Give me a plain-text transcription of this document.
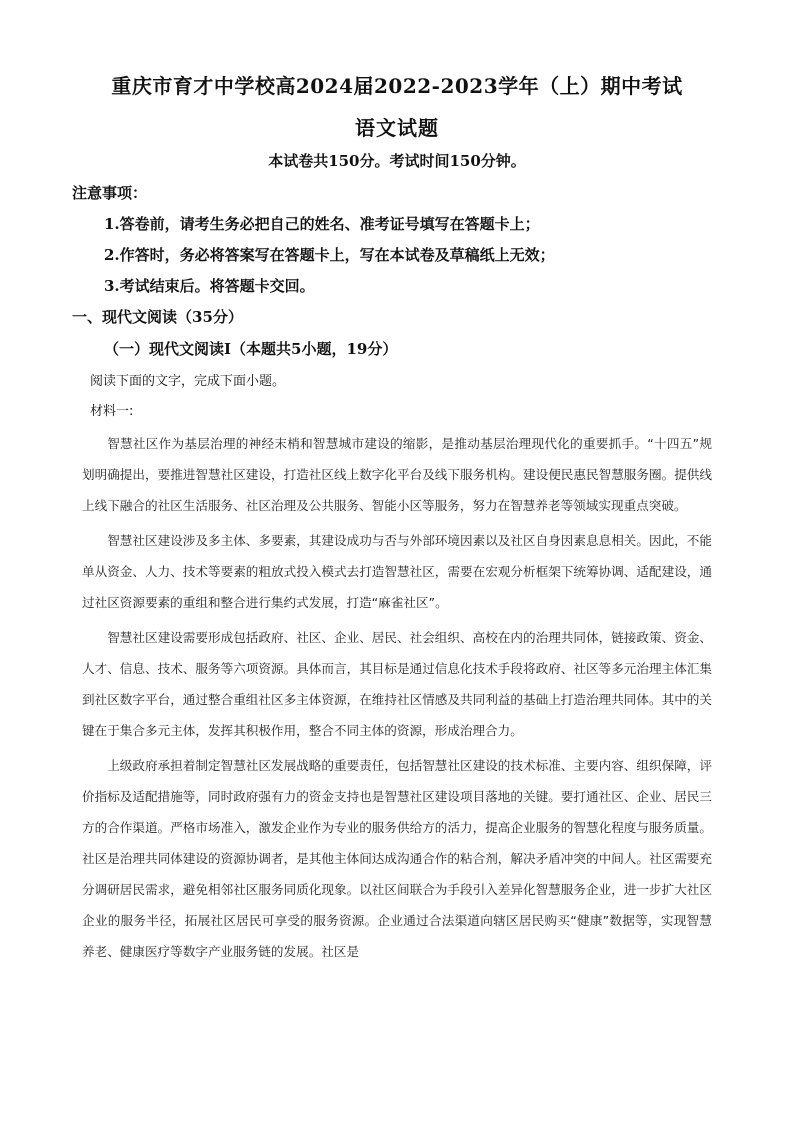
重庆市育才中学校高2024届2022-2023学年（上）期中考试
语文试题
本试卷共150分。考试时间150分钟。
注意事项：
1.答卷前，请考生务必把自己的姓名、准考证号填写在答题卡上；
2.作答时，务必将答案写在答题卡上，写在本试卷及草稿纸上无效；
3.考试结束后。将答题卡交回。
一、现代文阅读（35分）
（一）现代文阅读Ⅰ（本题共5小题，19分）
阅读下面的文字，完成下面小题。
材料一:

智慧社区作为基层治理的神经末梢和智慧城市建设的缩影，是推动基层治理现代化的重要抓手。“十四五”规划明确提出，要推进智慧社区建设，打造社区线上数字化平台及线下服务机构。建设便民惠民智慧服务圈。提供线上线下融合的社区生活服务、社区治理及公共服务、智能小区等服务，努力在智慧养老等领域实现重点突破。

智慧社区建设涉及多主体、多要素，其建设成功与否与外部环境因素以及社区自身因素息息相关。因此，不能单从资金、人力、技术等要素的粗放式投入模式去打造智慧社区，需要在宏观分析框架下统筹协调、适配建设，通过社区资源要素的重组和整合进行集约式发展，打造“麻雀社区”。

智慧社区建设需要形成包括政府、社区、企业、居民、社会组织、高校在内的治理共同体，链接政策、资金、人才、信息、技术、服务等六项资源。具体而言，其目标是通过信息化技术手段将政府、社区等多元治理主体汇集到社区数字平台，通过整合重组社区多主体资源，在维持社区情感及共同利益的基础上打造治理共同体。其中的关键在于集合多元主体，发挥其积极作用，整合不同主体的资源，形成治理合力。

上级政府承担着制定智慧社区发展战略的重要责任，包括智慧社区建设的技术标准、主要内容、组织保障，评价指标及适配措施等，同时政府强有力的资金支持也是智慧社区建设项目落地的关键。要打通社区、企业、居民三方的合作渠道。严格市场准入，激发企业作为专业的服务供给方的活力，提高企业服务的智慧化程度与服务质量。社区是治理共同体建设的资源协调者，是其他主体间达成沟通合作的粘合剂，解决矛盾冲突的中间人。社区需要充分调研居民需求，避免相邻社区服务同质化现象。以社区间联合为手段引入差异化智慧服务企业，进一步扩大社区企业的服务半径，拓展社区居民可享受的服务资源。企业通过合法渠道向辖区居民购买“健康”数据等，实现智慧养老、健康医疗等数字产业服务链的发展。社区是
